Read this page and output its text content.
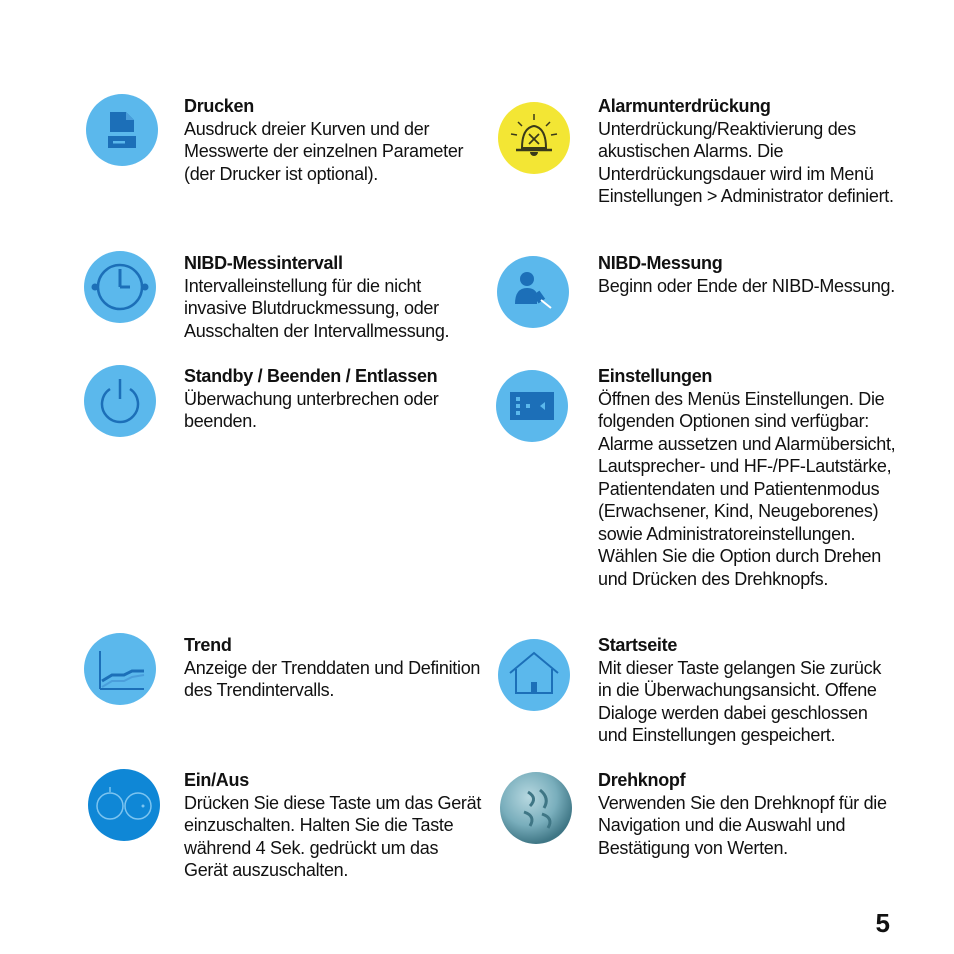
Drucken
Ausdruck dreier Kurven und der Messwerte der einzelnen Parameter (der Drucker ist optional).
NIBD-Messintervall
Intervalleinstellung für die nicht invasive Blutdruckmessung, oder Ausschalten der Intervallmessung.
Standby / Beenden / Entlassen
Überwachung unterbrechen oder beenden.
Trend
Anzeige der Trenddaten und Definition des Trendintervalls.
Ein/Aus
Drücken Sie diese Taste um das Gerät einzuschalten. Halten Sie die Taste während 4 Sek. gedrückt um das Gerät auszuschalten.
Alarmunterdrückung
Unterdrückung/Reaktivierung des akustischen Alarms. Die Unterdrückungsdauer wird im Menü Einstellungen > Administrator definiert.
NIBD-Messung
Beginn oder Ende der NIBD-Messung.
Einstellungen
Öffnen des Menüs Einstellungen. Die folgenden Optionen sind verfügbar: Alarme aussetzen und Alarmübersicht, Lautsprecher- und HF-/PF-Lautstärke, Patientendaten und Patientenmodus (Erwachsener, Kind, Neugeborenes) sowie Administratoreinstellungen. Wählen Sie die Option durch Drehen und Drücken des Drehknopfs.
Startseite
Mit dieser Taste gelangen Sie zurück in die Überwachungsansicht. Offene Dialoge werden dabei geschlossen und Einstellungen gespeichert.
Drehknopf
Verwenden Sie den Drehknopf für die Navigation und die Auswahl und Bestätigung von Werten.
5
